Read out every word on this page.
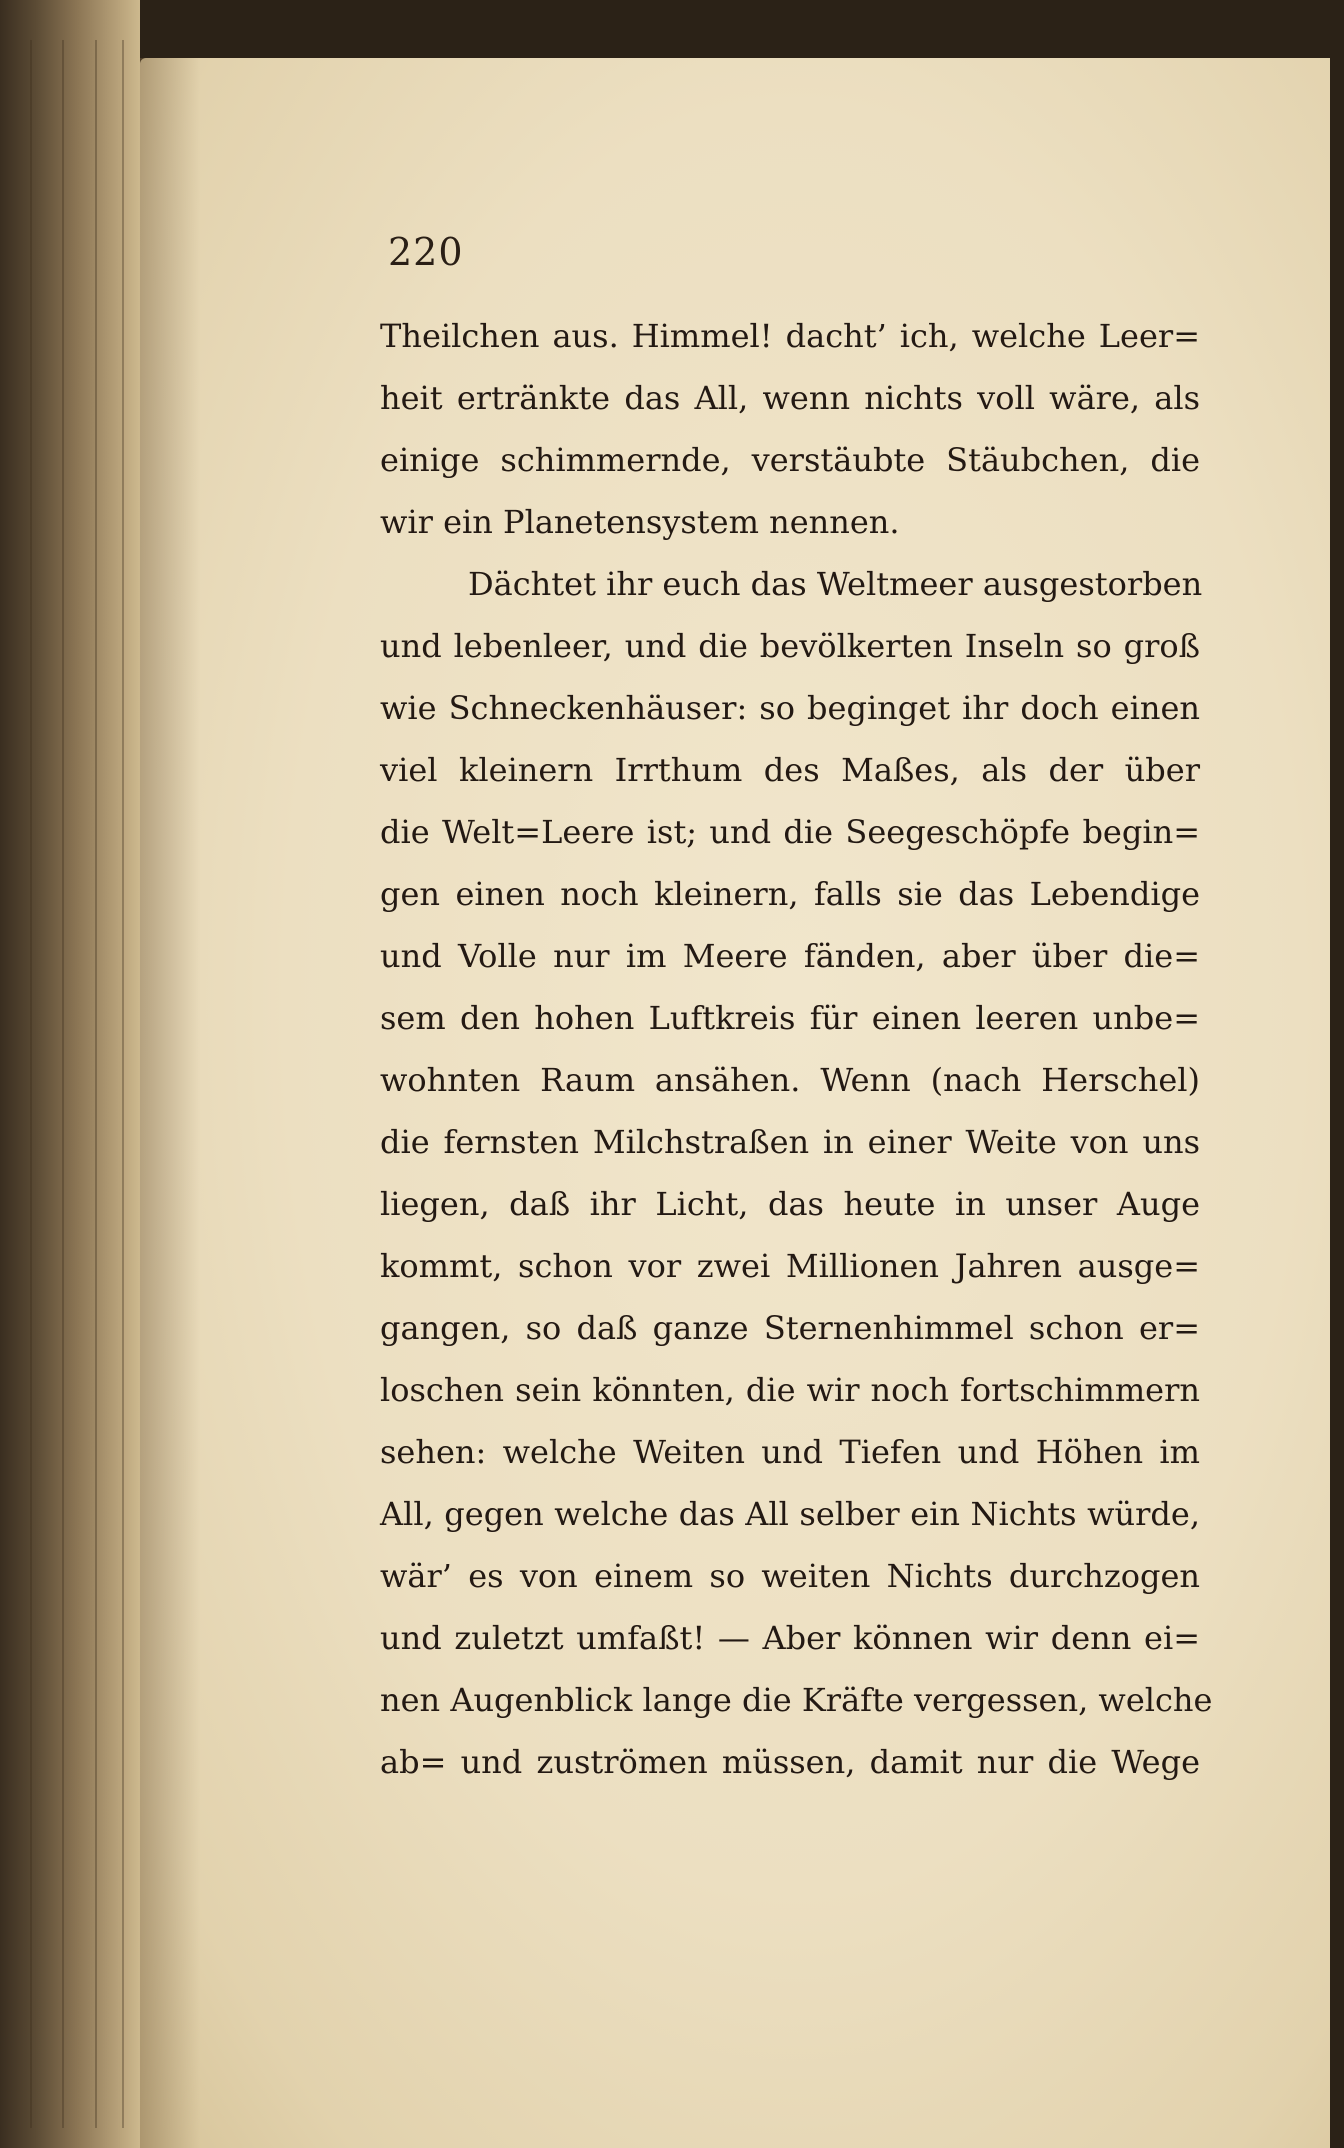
220
Theilchen aus. Himmel! dacht’ ich, welche Leer=
heit ertränkte das All, wenn nichts voll wäre, als
einige schimmernde, verstäubte Stäubchen, die
wir ein Planetensystem nennen.
Dächtet ihr euch das Weltmeer ausgestorben
und lebenleer, und die bevölkerten Inseln so groß
wie Schneckenhäuser: so beginget ihr doch einen
viel kleinern Irrthum des Maßes, als der über
die Welt=Leere ist; und die Seegeschöpfe begin=
gen einen noch kleinern, falls sie das Lebendige
und Volle nur im Meere fänden, aber über die=
sem den hohen Luftkreis für einen leeren unbe=
wohnten Raum ansähen. Wenn (nach Herschel)
die fernsten Milchstraßen in einer Weite von uns
liegen, daß ihr Licht, das heute in unser Auge
kommt, schon vor zwei Millionen Jahren ausge=
gangen, so daß ganze Sternenhimmel schon er=
loschen sein könnten, die wir noch fortschimmern
sehen: welche Weiten und Tiefen und Höhen im
All, gegen welche das All selber ein Nichts würde,
wär’ es von einem so weiten Nichts durchzogen
und zuletzt umfaßt! — Aber können wir denn ei=
nen Augenblick lange die Kräfte vergessen, welche
ab= und zuströmen müssen, damit nur die Wege
